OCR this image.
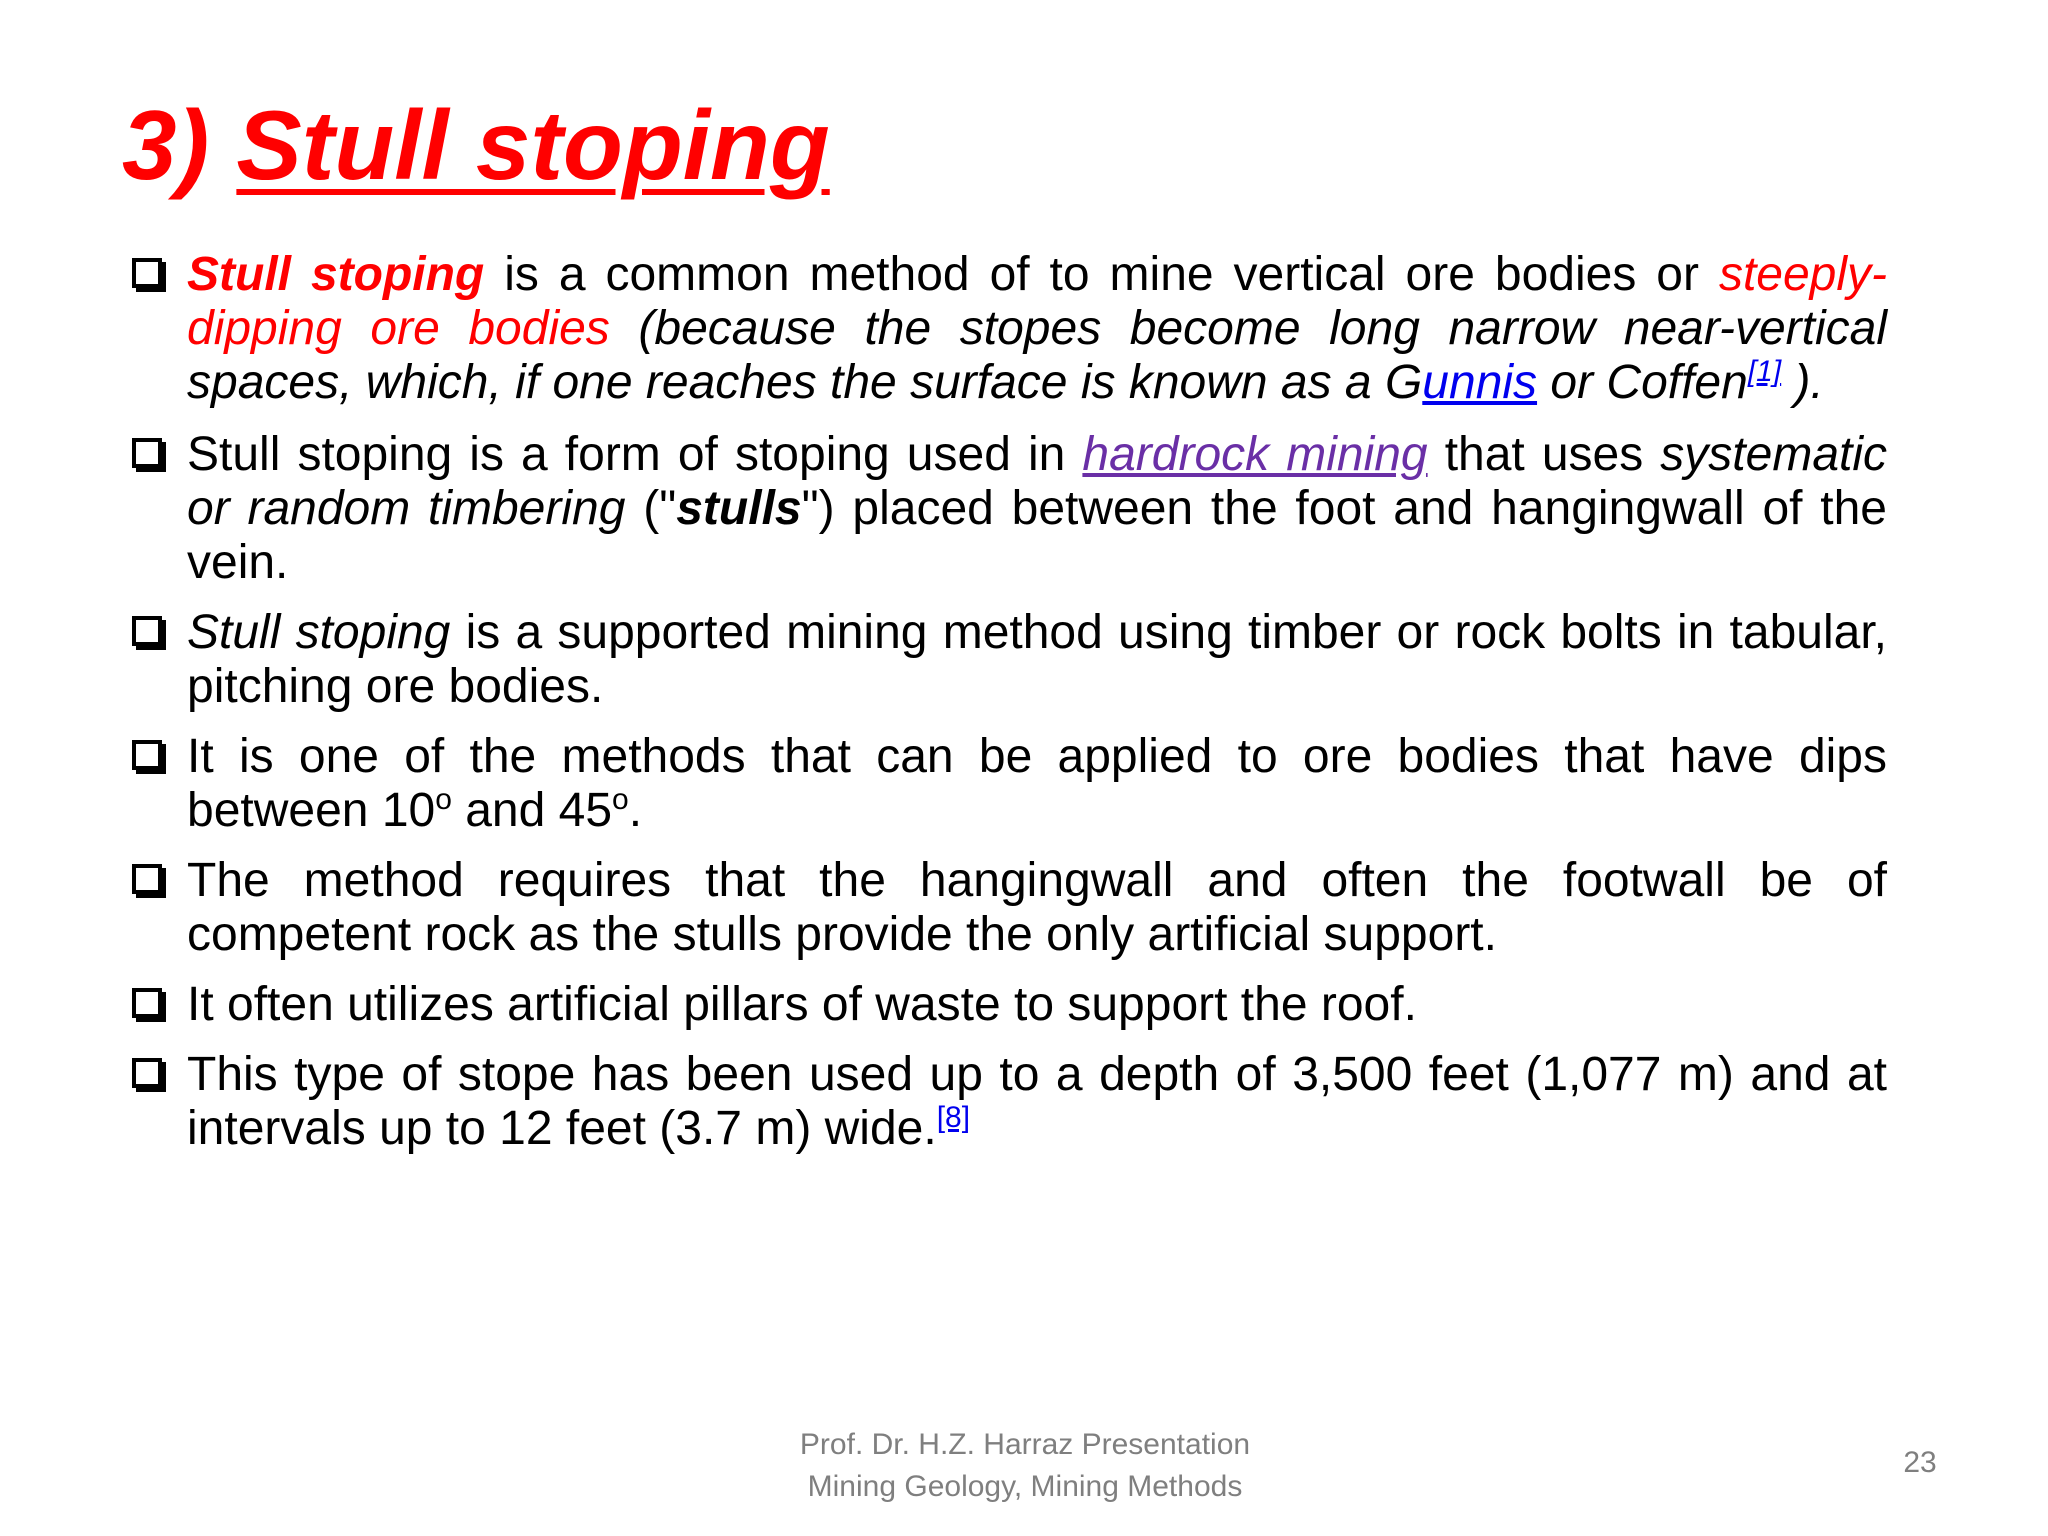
3) Stull stoping
Stull stoping is a common method of to mine vertical ore bodies or steeply-dipping ore bodies (because the stopes become long narrow near-vertical spaces, which, if one reaches the surface is known as a Gunnis or Coffen[1] ).
Stull stoping is a form of stoping used in hardrock mining that uses systematic or random timbering ("stulls") placed between the foot and hangingwall of the vein.
Stull stoping is a supported mining method using timber or rock bolts in tabular, pitching ore bodies.
It is one of the methods that can be applied to ore bodies that have dips between 10$^o$ and 45$^o$.
The method requires that the hangingwall and often the footwall be of competent rock as the stulls provide the only artificial support.
It often utilizes artificial pillars of waste to support the roof.
This type of stope has been used up to a depth of 3,500 feet (1,077 m) and at intervals up to 12 feet (3.7 m) wide.[8]
Prof. Dr. H.Z. Harraz Presentation
Mining Geology, Mining Methods
23
